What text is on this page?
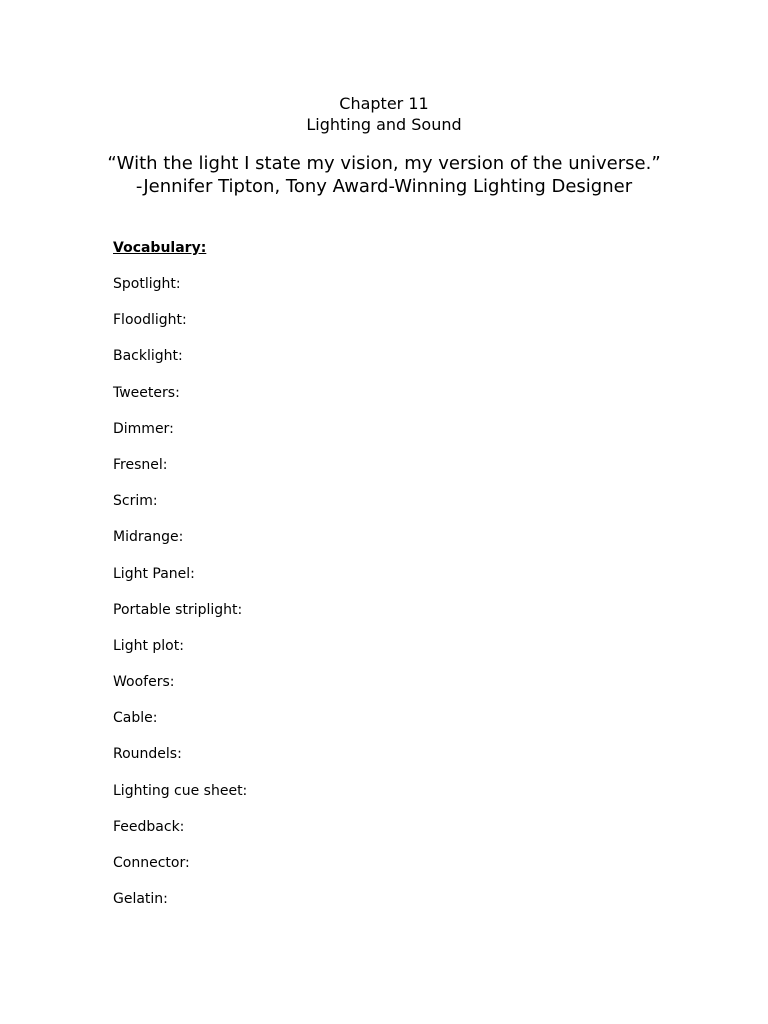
Chapter 11
Lighting and Sound
“With the light I state my vision, my version of the universe.”
-Jennifer Tipton, Tony Award-Winning Lighting Designer
Vocabulary:
Spotlight:
Floodlight:
Backlight:
Tweeters:
Dimmer:
Fresnel:
Scrim:
Midrange:
Light Panel:
Portable striplight:
Light plot:
Woofers:
Cable:
Roundels:
Lighting cue sheet:
Feedback:
Connector:
Gelatin:
